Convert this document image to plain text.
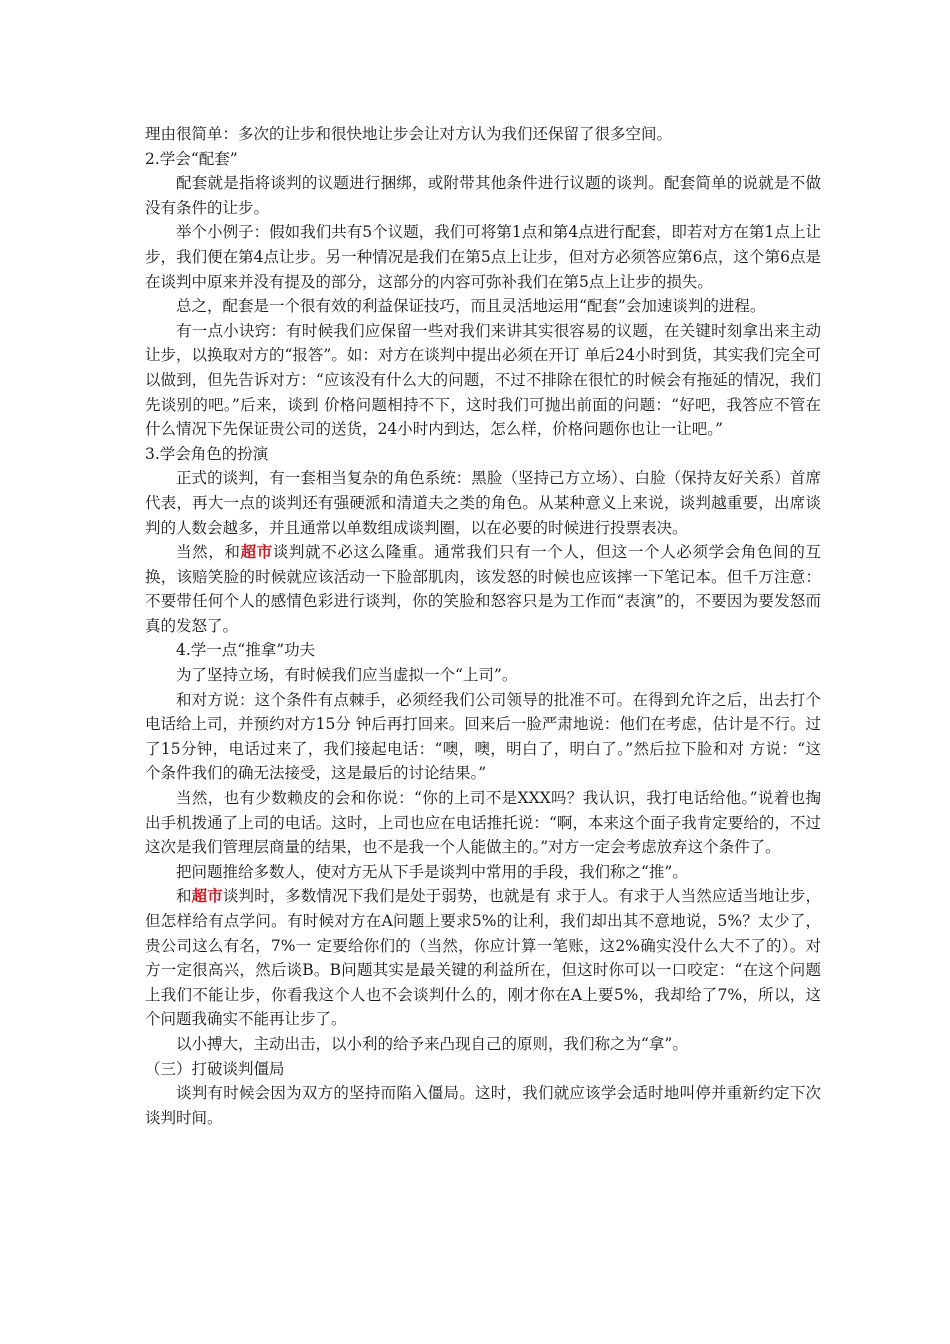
理由很简单：多次的让步和很快地让步会让对方认为我们还保留了很多空间。

2.学会“配套”

配套就是指将谈判的议题进行捆绑，或附带其他条件进行议题的谈判。配套简单的说就是不做没有条件的让步。

举个小例子：假如我们共有5个议题，我们可将第1点和第4点进行配套，即若对方在第1点上让步，我们便在第4点让步。另一种情况是我们在第5点上让步，但对方必须答应第6点，这个第6点是在谈判中原来并没有提及的部分，这部分的内容可弥补我们在第5点上让步的损失。

总之，配套是一个很有效的利益保证技巧，而且灵活地运用“配套”会加速谈判的进程。

有一点小诀窍：有时候我们应保留一些对我们来讲其实很容易的议题，在关键时刻拿出来主动让步，以换取对方的“报答”。如：对方在谈判中提出必须在开订 单后24小时到货，其实我们完全可以做到，但先告诉对方：“应该没有什么大的问题，不过不排除在很忙的时候会有拖延的情况，我们先谈别的吧。”后来，谈到 价格问题相持不下，这时我们可抛出前面的问题：“好吧，我答应不管在什么情况下先保证贵公司的送货，24小时内到达，怎么样，价格问题你也让一让吧。”

3.学会角色的扮演

正式的谈判，有一套相当复杂的角色系统：黑脸（坚持己方立场）、白脸（保持友好关系）首席代表，再大一点的谈判还有强硬派和清道夫之类的角色。从某种意义上来说，谈判越重要，出席谈判的人数会越多，并且通常以单数组成谈判圈，以在必要的时候进行投票表决。

当然，和超市谈判就不必这么隆重。通常我们只有一个人，但这一个人必须学会角色间的互换，该赔笑脸的时候就应该活动一下脸部肌肉，该发怒的时候也应该摔一下笔记本。但千万注意：不要带任何个人的感情色彩进行谈判，你的笑脸和怒容只是为工作而“表演”的，不要因为要发怒而真的发怒了。

4.学一点“推拿”功夫

为了坚持立场，有时候我们应当虚拟一个“上司”。

和对方说：这个条件有点棘手，必须经我们公司领导的批准不可。在得到允许之后，出去打个电话给上司，并预约对方15分 钟后再打回来。回来后一脸严肃地说：他们在考虑，估计是不行。过了15分钟，电话过来了，我们接起电话：“噢，噢，明白了，明白了。”然后拉下脸和对 方说：“这个条件我们的确无法接受，这是最后的讨论结果。”

当然，也有少数赖皮的会和你说：“你的上司不是XXX吗？我认识，我打电话给他。”说着也掏出手机拨通了上司的电话。这时，上司也应在电话推托说：“啊，本来这个面子我肯定要给的，不过这次是我们管理层商量的结果，也不是我一个人能做主的。”对方一定会考虑放弃这个条件了。

把问题推给多数人，使对方无从下手是谈判中常用的手段，我们称之“推”。

和超市谈判时，多数情况下我们是处于弱势，也就是有 求于人。有求于人当然应适当地让步，但怎样给有点学问。有时候对方在A问题上要求5%的让利，我们却出其不意地说，5%？太少了，贵公司这么有名，7%一 定要给你们的（当然，你应计算一笔账，这2%确实没什么大不了的）。对方一定很高兴，然后谈B。B问题其实是最关键的利益所在，但这时你可以一口咬定：“在这个问题上我们不能让步，你看我这个人也不会谈判什么的，刚才你在A上要5%，我却给了7%，所以，这个问题我确实不能再让步了。

以小搏大，主动出击，以小利的给予来凸现自己的原则，我们称之为“拿”。

（三）打破谈判僵局

谈判有时候会因为双方的坚持而陷入僵局。这时，我们就应该学会适时地叫停并重新约定下次谈判时间。
